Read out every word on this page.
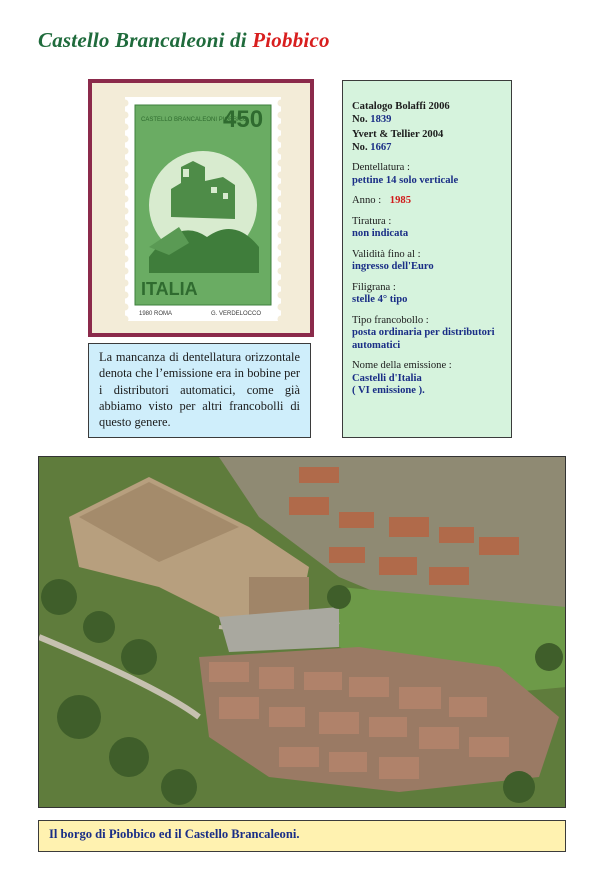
Castello Brancaleoni di Piobbico
CASTELLO BRANCALEONI PIOBBICO
450
ITALIA
1980 ROMA	G. VERDELOCCO
La mancanza di dentellatura orizzontale denota che l’emissione era in bobine per i distributori automatici, come già abbiamo visto per altri francobolli di questo genere.
Catalogo Bolaffi 2006
No. 1839
Yvert & Tellier 2004
No. 1667
Dentellatura :
pettine 14 solo verticale
Anno : 1985
Tiratura :
non indicata
Validità fino al :
ingresso dell'Euro
Filigrana :
stelle 4° tipo
Tipo francobollo :
posta ordinaria per distributori automatici
Nome della emissione :
Castelli d'Italia
( VI emissione ).
Il borgo di Piobbico ed il Castello Brancaleoni.
